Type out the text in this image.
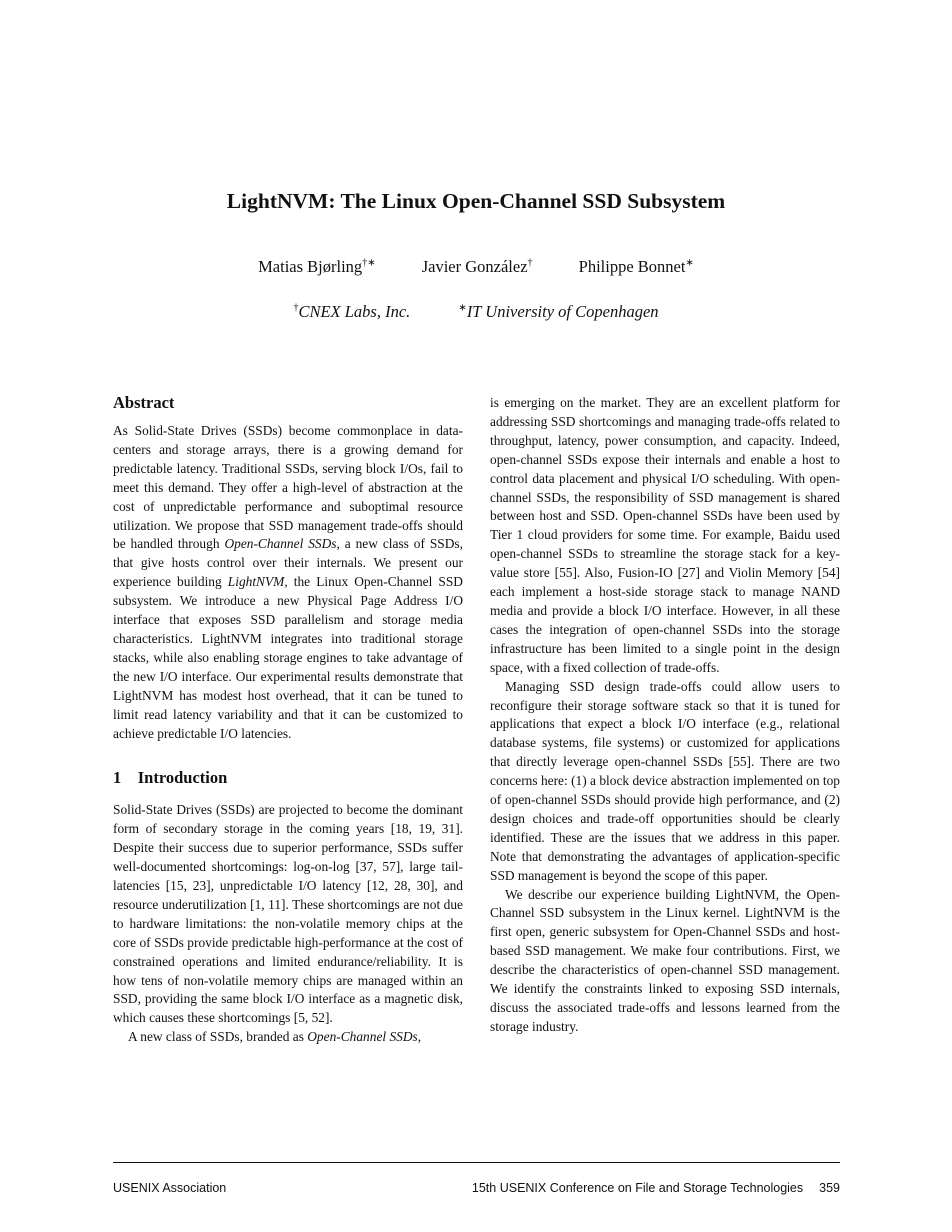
LightNVM: The Linux Open-Channel SSD Subsystem
Matias Bjørling†∗	Javier González†	Philippe Bonnet∗
†CNEX Labs, Inc.	∗IT University of Copenhagen
Abstract

As Solid-State Drives (SSDs) become commonplace in data-centers and storage arrays, there is a growing demand for predictable latency. Traditional SSDs, serving block I/Os, fail to meet this demand. They offer a high-level of abstraction at the cost of unpredictable performance and suboptimal resource utilization. We propose that SSD management trade-offs should be handled through Open-Channel SSDs, a new class of SSDs, that give hosts control over their internals. We present our experience building LightNVM, the Linux Open-Channel SSD subsystem. We introduce a new Physical Page Address I/O interface that exposes SSD parallelism and storage media characteristics. LightNVM integrates into traditional storage stacks, while also enabling storage engines to take advantage of the new I/O interface. Our experimental results demonstrate that LightNVM has modest host overhead, that it can be tuned to limit read latency variability and that it can be customized to achieve predictable I/O latencies.

1 Introduction

Solid-State Drives (SSDs) are projected to become the dominant form of secondary storage in the coming years [18, 19, 31]. Despite their success due to superior performance, SSDs suffer well-documented shortcomings: log-on-log [37, 57], large tail-latencies [15, 23], unpredictable I/O latency [12, 28, 30], and resource underutilization [1, 11]. These shortcomings are not due to hardware limitations: the non-volatile memory chips at the core of SSDs provide predictable high-performance at the cost of constrained operations and limited endurance/reliability. It is how tens of non-volatile memory chips are managed within an SSD, providing the same block I/O interface as a magnetic disk, which causes these shortcomings [5, 52].

A new class of SSDs, branded as Open-Channel SSDs,

is emerging on the market. They are an excellent platform for addressing SSD shortcomings and managing trade-offs related to throughput, latency, power consumption, and capacity. Indeed, open-channel SSDs expose their internals and enable a host to control data placement and physical I/O scheduling. With open-channel SSDs, the responsibility of SSD management is shared between host and SSD. Open-channel SSDs have been used by Tier 1 cloud providers for some time. For example, Baidu used open-channel SSDs to streamline the storage stack for a key-value store [55]. Also, Fusion-IO [27] and Violin Memory [54] each implement a host-side storage stack to manage NAND media and provide a block I/O interface. However, in all these cases the integration of open-channel SSDs into the storage infrastructure has been limited to a single point in the design space, with a fixed collection of trade-offs.

Managing SSD design trade-offs could allow users to reconfigure their storage software stack so that it is tuned for applications that expect a block I/O interface (e.g., relational database systems, file systems) or customized for applications that directly leverage open-channel SSDs [55]. There are two concerns here: (1) a block device abstraction implemented on top of open-channel SSDs should provide high performance, and (2) design choices and trade-off opportunities should be clearly identified. These are the issues that we address in this paper. Note that demonstrating the advantages of application-specific SSD management is beyond the scope of this paper.

We describe our experience building LightNVM, the Open-Channel SSD subsystem in the Linux kernel. LightNVM is the first open, generic subsystem for Open-Channel SSDs and host-based SSD management. We make four contributions. First, we describe the characteristics of open-channel SSD management. We identify the constraints linked to exposing SSD internals, discuss the associated trade-offs and lessons learned from the storage industry.

USENIX Association	15th USENIX Conference on File and Storage Technologies 359
